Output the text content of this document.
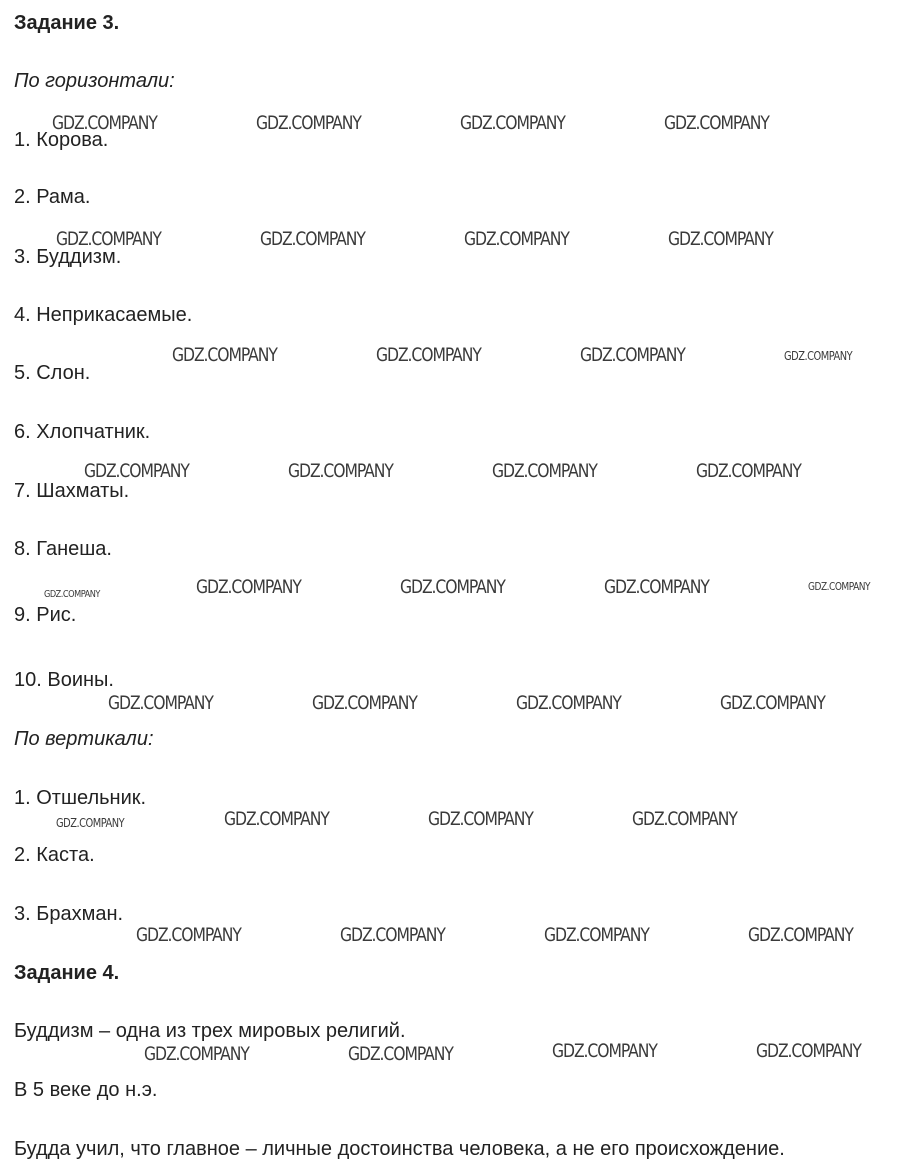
Задание 3.
По горизонтали:
1. Корова.
2. Рама.
3. Буддизм.
4. Неприкасаемые.
5. Слон.
6. Хлопчатник.
7. Шахматы.
8. Ганеша.
9. Рис.
10. Воины.
По вертикали:
1. Отшельник.
2. Каста.
3. Брахман.
Задание 4.
Буддизм – одна из трех мировых религий.
В 5 веке до н.э.
Будда учил, что главное – личные достоинства человека, а не его происхождение.
GDZ.COMPANY	GDZ.COMPANY	GDZ.COMPANY	GDZ.COMPANY
GDZ.COMPANY	GDZ.COMPANY	GDZ.COMPANY	GDZ.COMPANY
GDZ.COMPANY	GDZ.COMPANY	GDZ.COMPANY	GDZ.COMPANY
GDZ.COMPANY	GDZ.COMPANY	GDZ.COMPANY	GDZ.COMPANY
GDZ.COMPANY	GDZ.COMPANY	GDZ.COMPANY	GDZ.COMPANY	GDZ.COMPANY
GDZ.COMPANY	GDZ.COMPANY	GDZ.COMPANY	GDZ.COMPANY
GDZ.COMPANY	GDZ.COMPANY	GDZ.COMPANY	GDZ.COMPANY
GDZ.COMPANY	GDZ.COMPANY	GDZ.COMPANY	GDZ.COMPANY
GDZ.COMPANY	GDZ.COMPANY	GDZ.COMPANY	GDZ.COMPANY
